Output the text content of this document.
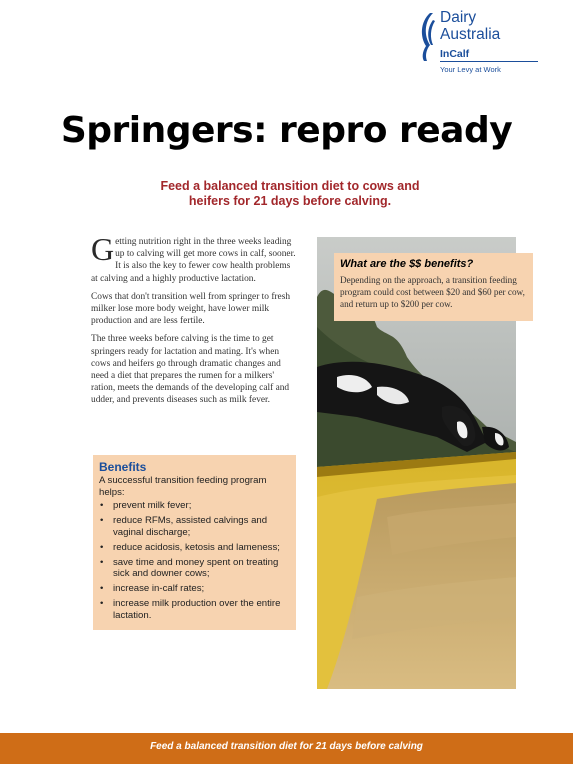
Dairy
Australia
InCalf
Your Levy at Work
Springers: repro ready
Feed a balanced transition diet to cows and heifers for 21 days before calving.

Getting nutrition right in the three weeks leading up to calving will get more cows in calf, sooner. It is also the key to fewer cow health problems at calving and a highly productive lactation.

Cows that don't transition well from springer to fresh milker lose more body weight, have lower milk production and are less fertile.

The three weeks before calving is the time to get springers ready for lactation and mating. It's when cows and heifers go through dramatic changes and need a diet that prepares the rumen for a milkers' ration, meets the demands of the developing calf and udder, and prevents diseases such as milk fever.

What are the $$ benefits?
Depending on the approach, a transition feeding program could cost between $20 and $60 per cow, and return up to $200 per cow.
Benefits
A successful transition feeding program helps:
• prevent milk fever;
• reduce RFMs, assisted calvings and vaginal discharge;
• reduce acidosis, ketosis and lameness;
• save time and money spent on treating sick and downer cows;
• increase in-calf rates;
• increase milk production over the entire lactation.
Feed a balanced transition diet for 21 days before calving
